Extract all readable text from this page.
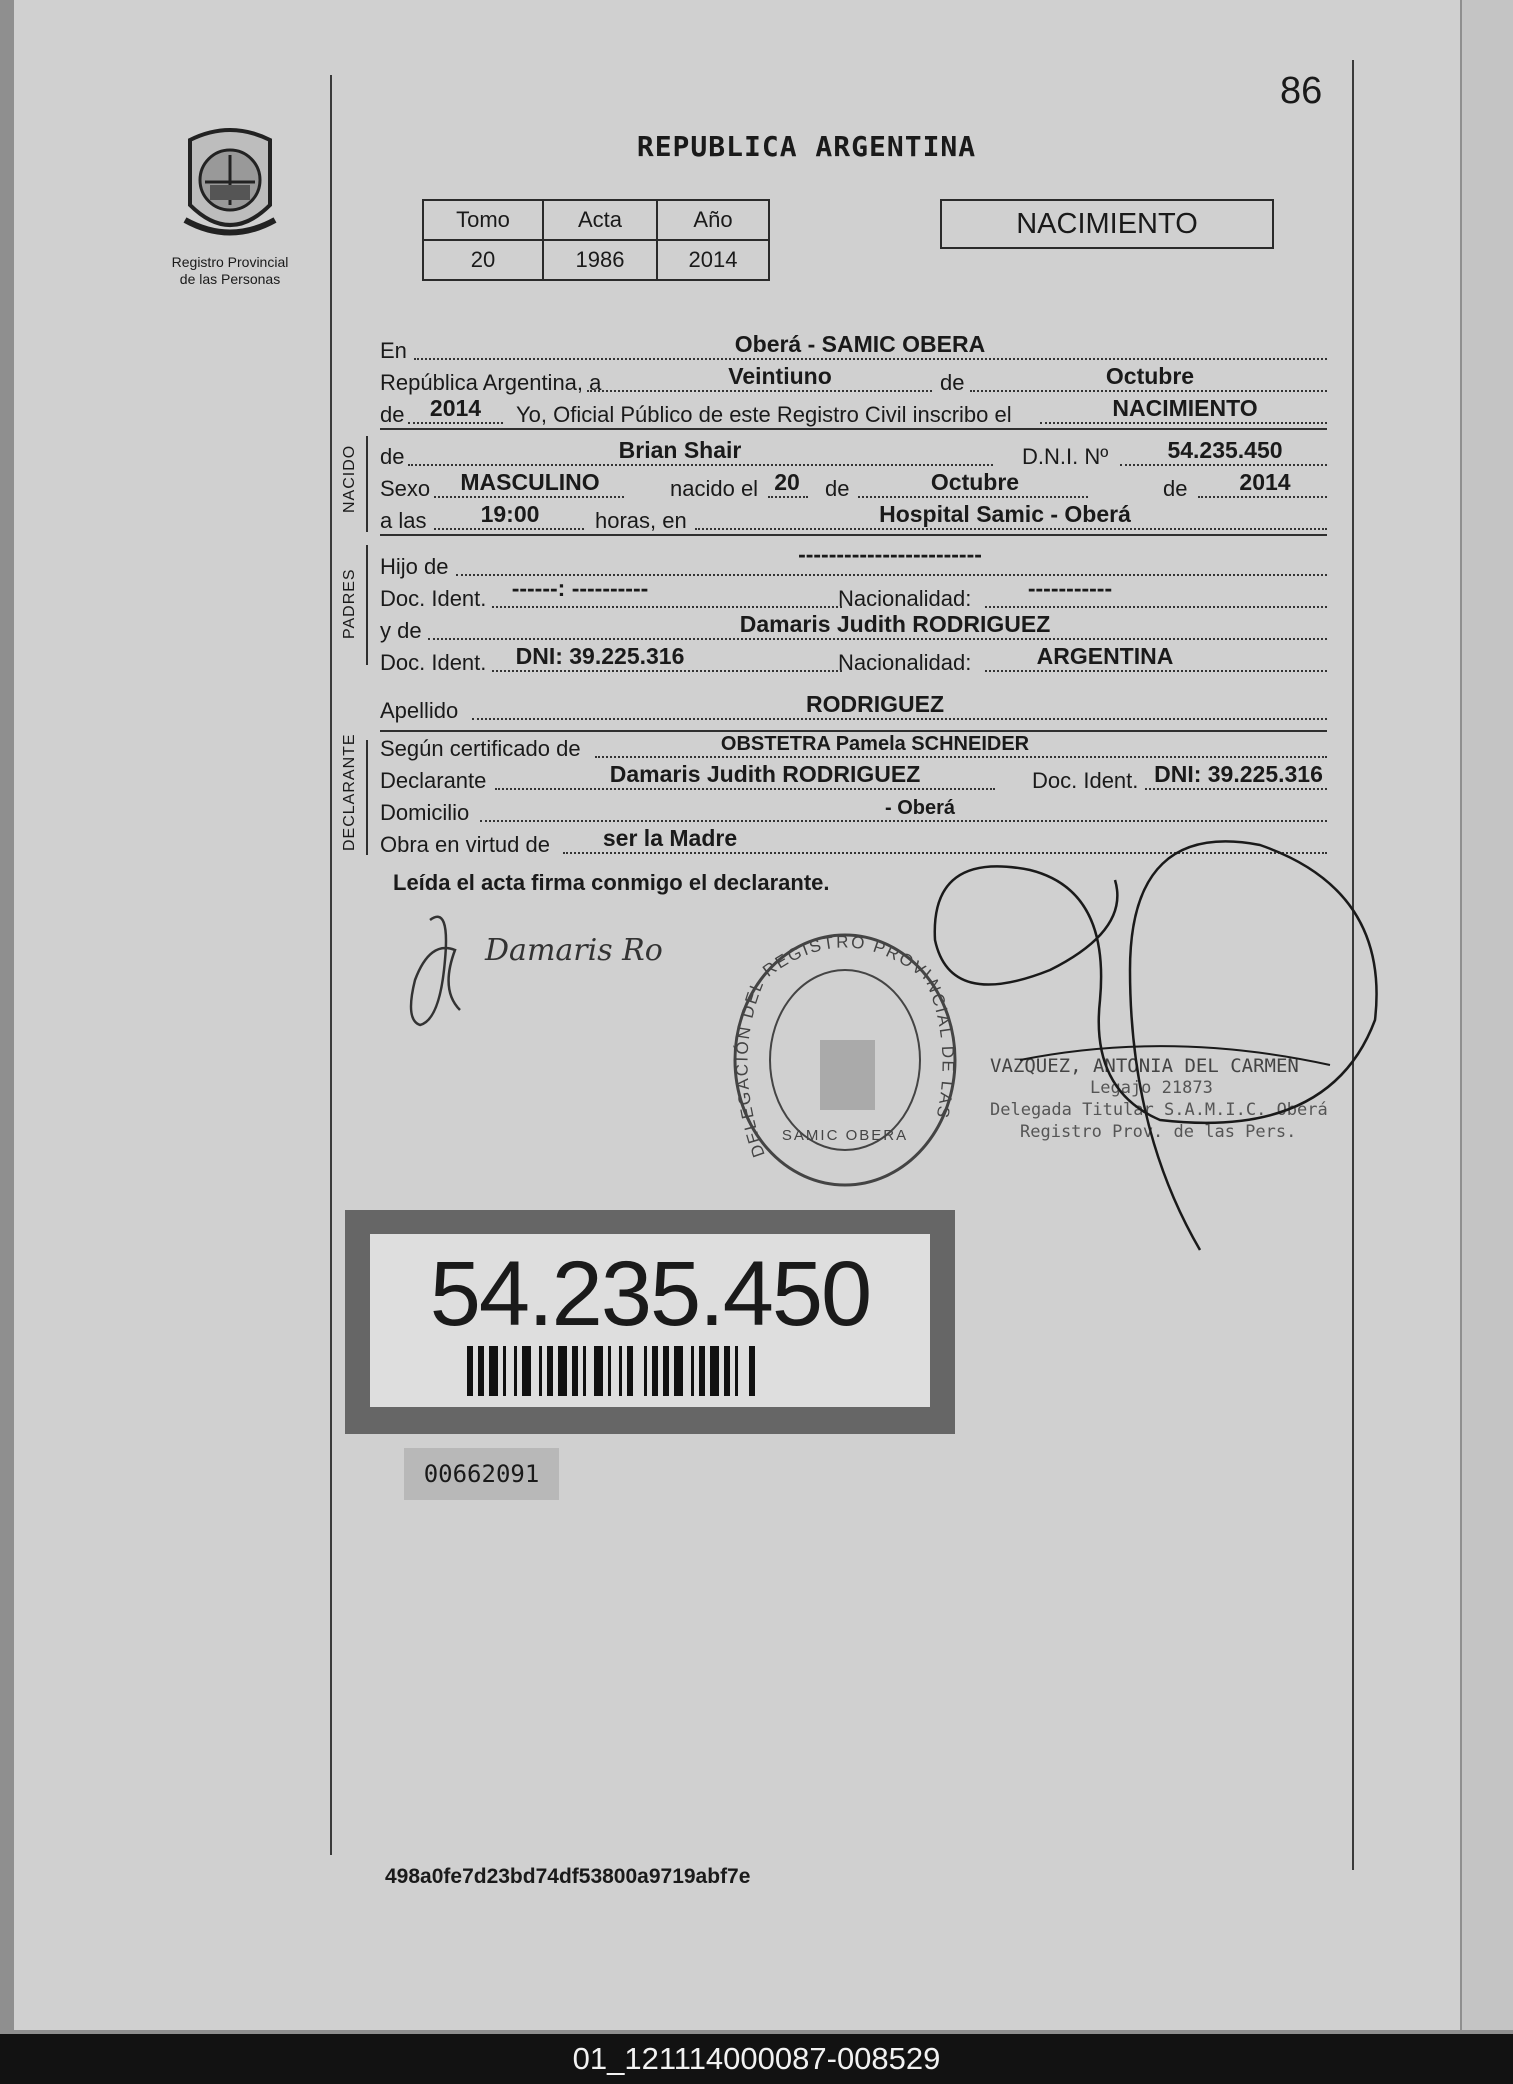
86
Registro Provincial
de las Personas
REPUBLICA ARGENTINA
Tomo	Acta	Año
20	1986	2014
NACIMIENTO
En	Oberá - SAMIC OBERA
República Argentina, a	Veintiuno	de	Octubre
de	2014	Yo, Oficial Público de este Registro Civil inscribo el	NACIMIENTO
NACIDO de	Brian Shair	D.N.I. Nº	54.235.450
Sexo	MASCULINO	nacido el 20 de	Octubre	de	2014
a las	19:00	horas, en	Hospital Samic - Oberá
PADRES
Hijo de	------------------------
Doc. Ident. ------: ----------	Nacionalidad:	-----------
y de	Damaris Judith RODRIGUEZ
Doc. Ident. DNI: 39.225.316	Nacionalidad:	ARGENTINA
Apellido	RODRIGUEZ
DECLARANTE Según certificado de	OBSTETRA Pamela SCHNEIDER
Declarante	Damaris Judith RODRIGUEZ	Doc. Ident. DNI: 39.225.316
Domicilio	- Oberá
Obra en virtud de	ser la Madre
Leída el acta firma conmigo el declarante.
Damaris Ro
DELEGACIÓN DEL REGISTRO PROVINCIAL DE LAS
SAMIC OBERA
VAZQUEZ, ANTONIA DEL CARMEN
Legajo 21873
Delegada Titular S.A.M.I.C. Oberá
Registro Prov. de las Pers.
54.235.450
00662091
498a0fe7d23bd74df53800a9719abf7e
01_121114000087-008529
